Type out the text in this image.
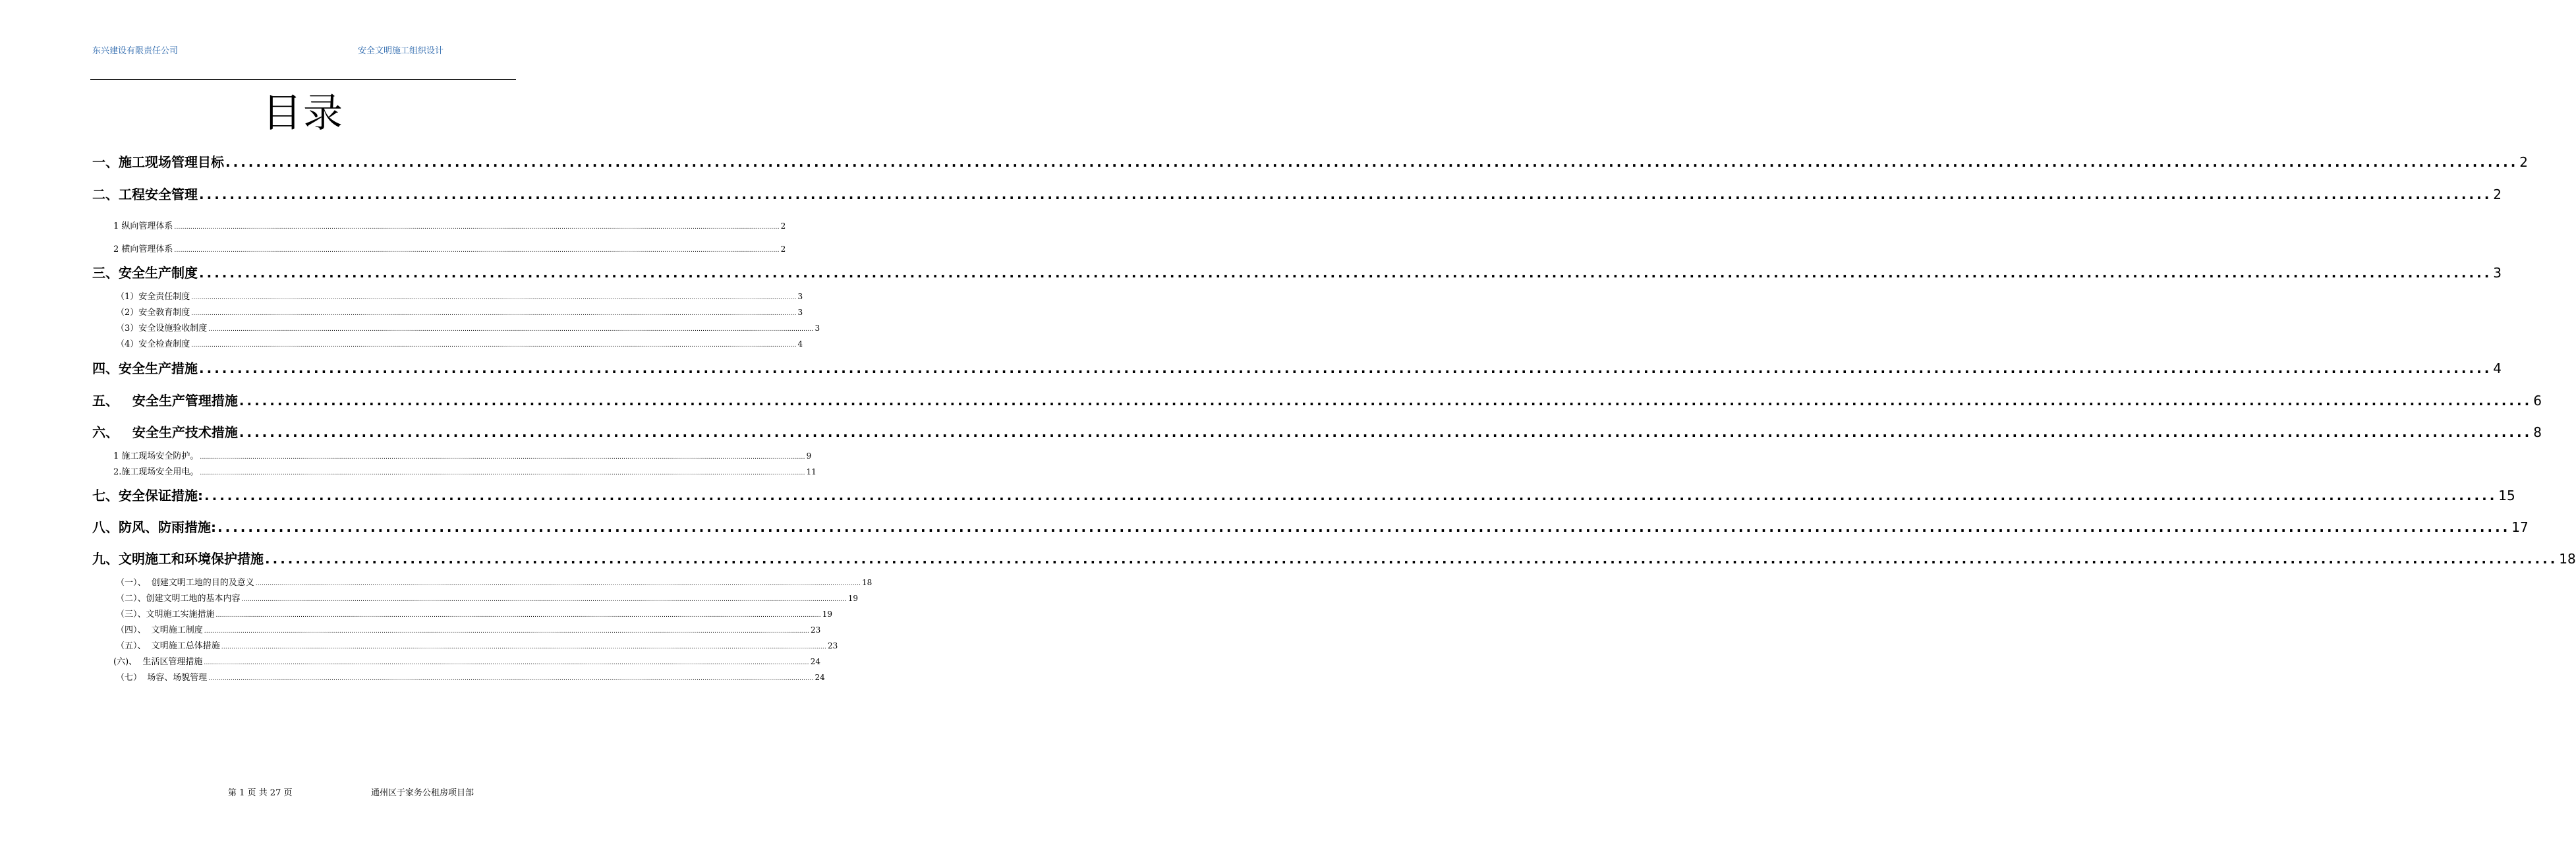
东兴建设有限责任公司	安全文明施工组织设计
目录
一、施工现场管理目标 ............................................................................................................................................................................................................................................................................................................ 2
二、工程安全管理 ............................................................................................................................................................................................................................................................................................................ 2
1 纵向管理体系 ............................................................................................................................................................................................................................................................................................................ 2
2 横向管理体系 ............................................................................................................................................................................................................................................................................................................ 2
三、安全生产制度 ............................................................................................................................................................................................................................................................................................................ 3
（1）安全责任制度 ............................................................................................................................................................................................................................................................................................................ 3
（2）安全教育制度 ............................................................................................................................................................................................................................................................................................................ 3
（3）安全设施验收制度 ............................................................................................................................................................................................................................................................................................................ 3
（4）安全检查制度 ............................................................................................................................................................................................................................................................................................................ 4
四、安全生产措施 ............................................................................................................................................................................................................................................................................................................ 4
五、   安全生产管理措施 ............................................................................................................................................................................................................................................................................................................ 6
六、   安全生产技术措施 ............................................................................................................................................................................................................................................................................................................ 8
1 施工现场安全防护。 ............................................................................................................................................................................................................................................................................................................ 9
2.施工现场安全用电。 ............................................................................................................................................................................................................................................................................................................ 11
七、安全保证措施: ............................................................................................................................................................................................................................................................................................................ 15
八、防风、防雨措施: ............................................................................................................................................................................................................................................................................................................ 17
九、文明施工和环境保护措施 ............................................................................................................................................................................................................................................................................................................ 18
（一）、  创建文明工地的目的及意义 ............................................................................................................................................................................................................................................................................................................ 18
（二）、创建文明工地的基本内容 ............................................................................................................................................................................................................................................................................................................ 19
（三）、文明施工实施措施 ............................................................................................................................................................................................................................................................................................................ 19
（四）、  文明施工制度 ............................................................................................................................................................................................................................................................................................................ 23
（五）、  文明施工总体措施 ............................................................................................................................................................................................................................................................................................................ 23
(六)、  生活区管理措施 ............................................................................................................................................................................................................................................................................................................ 24
（七）  场容、场貌管理 ............................................................................................................................................................................................................................................................................................................ 24
第 1 页 共 27 页	通州区于家务公租房项目部
